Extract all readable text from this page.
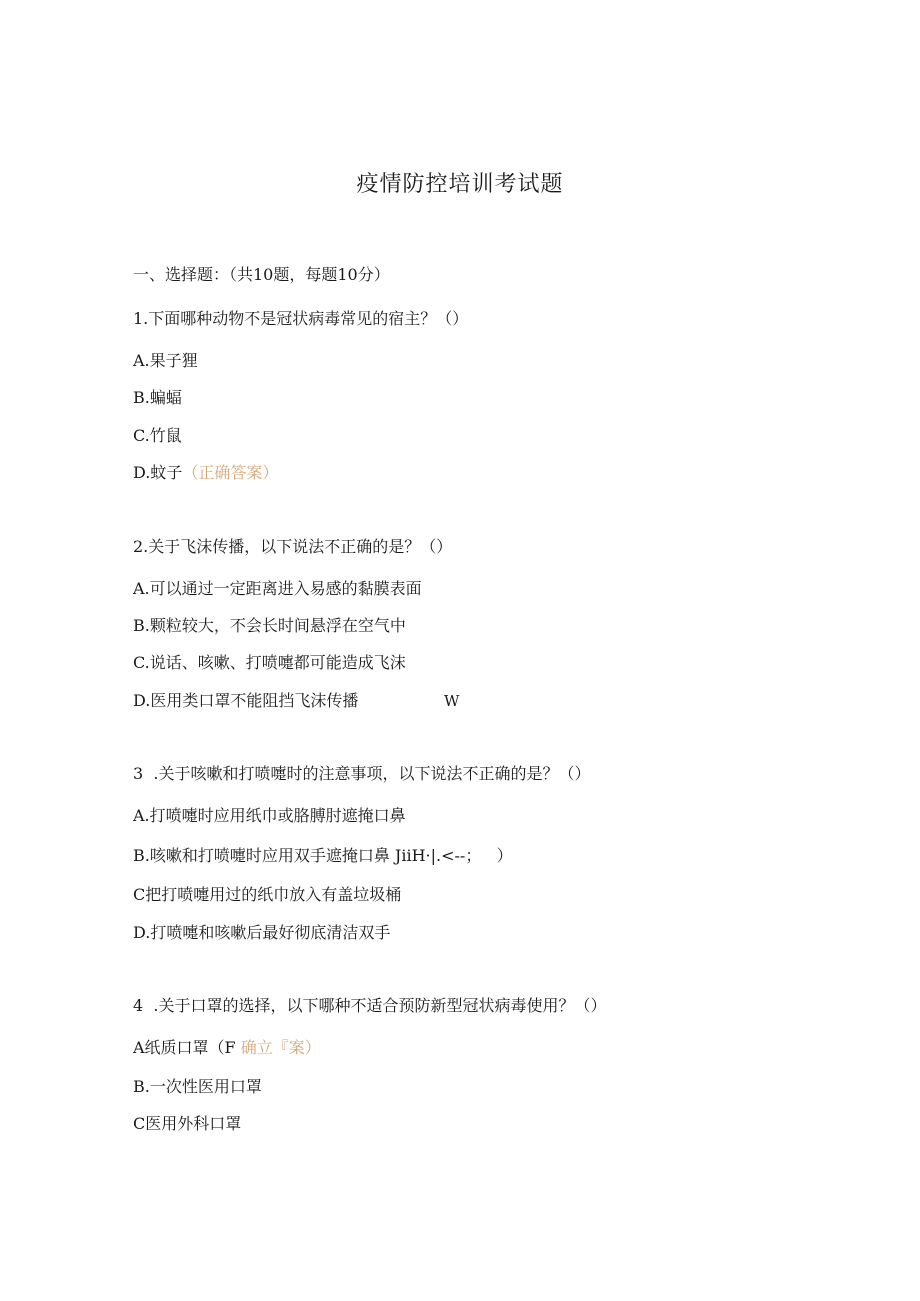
疫情防控培训考试题
一、选择题：（共10题，每题10分）
1.下面哪种动物不是冠状病毒常见的宿主？（）
A.果子狸
B.蝙蝠
C.竹鼠
D.蚊子（正确答案）
2.关于飞沫传播，以下说法不正确的是？（）
A.可以通过一定距离进入易感的黏膜表面
B.颗粒较大，不会长时间悬浮在空气中
C.说话、咳嗽、打喷嚏都可能造成飞沫
D.医用类口罩不能阻挡飞沫传播	W
3  .关于咳嗽和打喷嚏时的注意事项，以下说法不正确的是？（）
A.打喷嚏时应用纸巾或胳膊肘遮掩口鼻
B.咳嗽和打喷嚏时应用双手遮掩口鼻 JiiH·|.<--；   ）
C把打喷嚏用过的纸巾放入有盖垃圾桶
D.打喷嚏和咳嗽后最好彻底清洁双手
4  .关于口罩的选择，以下哪种不适合预防新型冠状病毒使用？（）
A纸质口罩（F 确立『案）
B.一次性医用口罩
C医用外科口罩
